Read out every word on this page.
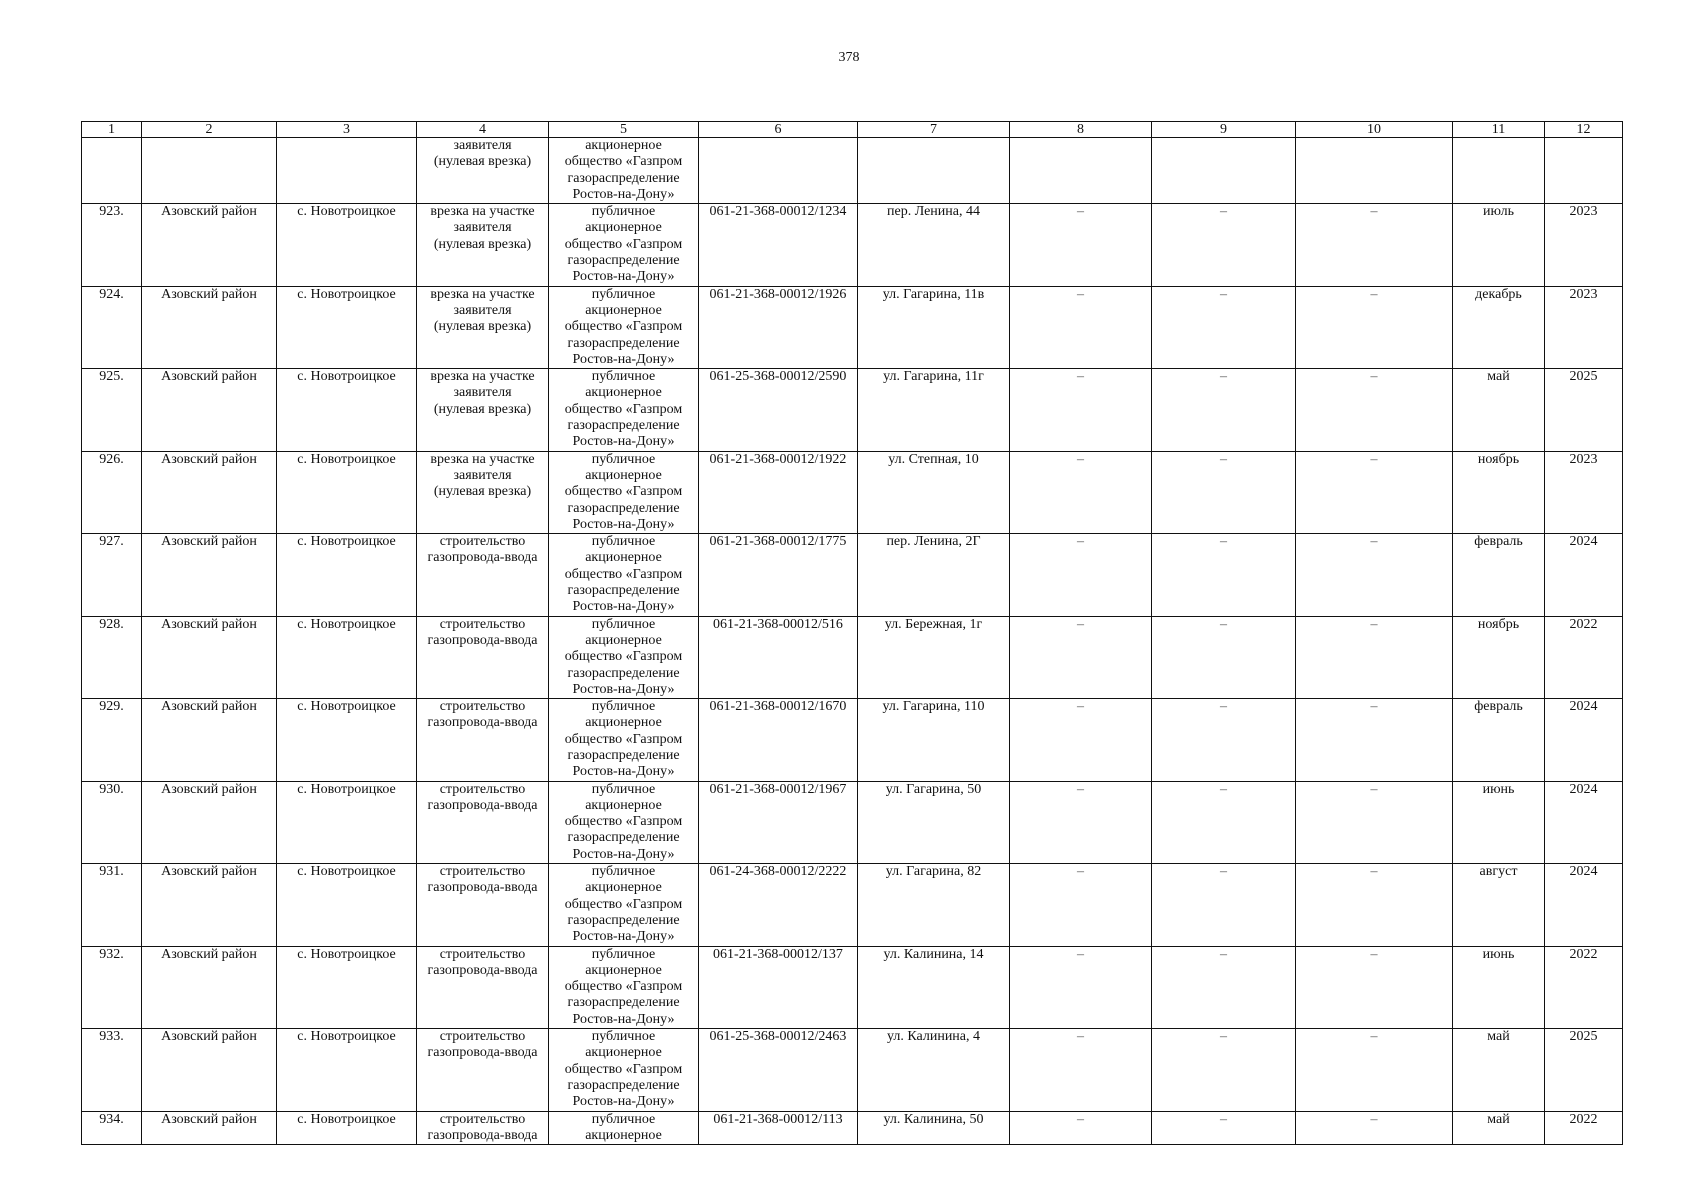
378
1	2	3	4	5	6	7	8	9	10	11	12
			заявителя
(нулевая врезка)	акционерное
общество «Газпром
газораспределение
Ростов-на-Дону»							
923.	Азовский район	с. Новотроицкое	врезка на участке
заявителя
(нулевая врезка)	публичное
акционерное
общество «Газпром
газораспределение
Ростов-на-Дону»	061-21-368-00012/1234	пер. Ленина, 44	–	–	–	июль	2023
924.	Азовский район	с. Новотроицкое	врезка на участке
заявителя
(нулевая врезка)	публичное
акционерное
общество «Газпром
газораспределение
Ростов-на-Дону»	061-21-368-00012/1926	ул. Гагарина, 11в	–	–	–	декабрь	2023
925.	Азовский район	с. Новотроицкое	врезка на участке
заявителя
(нулевая врезка)	публичное
акционерное
общество «Газпром
газораспределение
Ростов-на-Дону»	061-25-368-00012/2590	ул. Гагарина, 11г	–	–	–	май	2025
926.	Азовский район	с. Новотроицкое	врезка на участке
заявителя
(нулевая врезка)	публичное
акционерное
общество «Газпром
газораспределение
Ростов-на-Дону»	061-21-368-00012/1922	ул. Степная, 10	–	–	–	ноябрь	2023
927.	Азовский район	с. Новотроицкое	строительство
газопровода-ввода	публичное
акционерное
общество «Газпром
газораспределение
Ростов-на-Дону»	061-21-368-00012/1775	пер. Ленина, 2Г	–	–	–	февраль	2024
928.	Азовский район	с. Новотроицкое	строительство
газопровода-ввода	публичное
акционерное
общество «Газпром
газораспределение
Ростов-на-Дону»	061-21-368-00012/516	ул. Бережная, 1г	–	–	–	ноябрь	2022
929.	Азовский район	с. Новотроицкое	строительство
газопровода-ввода	публичное
акционерное
общество «Газпром
газораспределение
Ростов-на-Дону»	061-21-368-00012/1670	ул. Гагарина, 110	–	–	–	февраль	2024
930.	Азовский район	с. Новотроицкое	строительство
газопровода-ввода	публичное
акционерное
общество «Газпром
газораспределение
Ростов-на-Дону»	061-21-368-00012/1967	ул. Гагарина, 50	–	–	–	июнь	2024
931.	Азовский район	с. Новотроицкое	строительство
газопровода-ввода	публичное
акционерное
общество «Газпром
газораспределение
Ростов-на-Дону»	061-24-368-00012/2222	ул. Гагарина, 82	–	–	–	август	2024
932.	Азовский район	с. Новотроицкое	строительство
газопровода-ввода	публичное
акционерное
общество «Газпром
газораспределение
Ростов-на-Дону»	061-21-368-00012/137	ул. Калинина, 14	–	–	–	июнь	2022
933.	Азовский район	с. Новотроицкое	строительство
газопровода-ввода	публичное
акционерное
общество «Газпром
газораспределение
Ростов-на-Дону»	061-25-368-00012/2463	ул. Калинина, 4	–	–	–	май	2025
934.	Азовский район	с. Новотроицкое	строительство
газопровода-ввода	публичное
акционерное	061-21-368-00012/113	ул. Калинина, 50	–	–	–	май	2022
